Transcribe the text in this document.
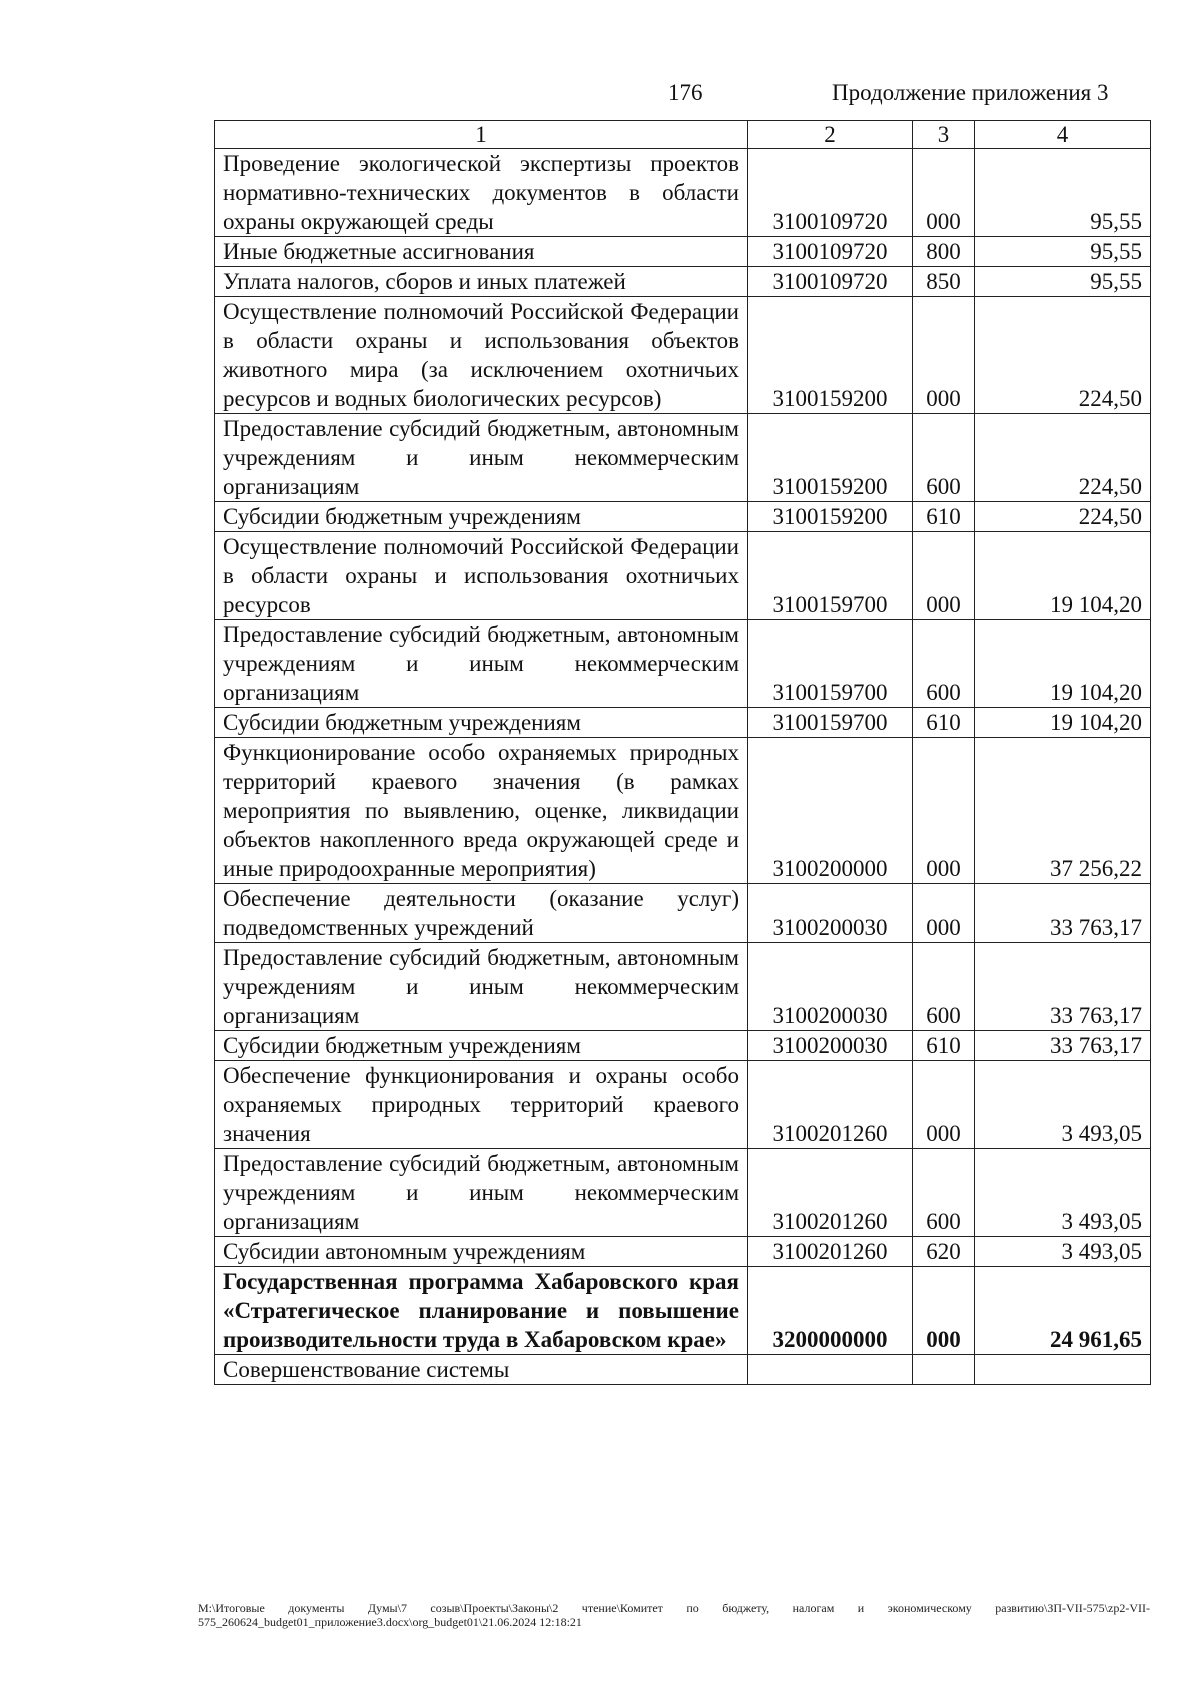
176	Продолжение приложения 3
1	2	3	4
Проведение экологической экспертизы проектов нормативно-технических документов в области охраны окружающей среды	3100109720	000	95,55
Иные бюджетные ассигнования	3100109720	800	95,55
Уплата налогов, сборов и иных платежей	3100109720	850	95,55
Осуществление полномочий Российской Федерации в области охраны и использования объектов животного мира (за исключением охотничьих ресурсов и водных биологических ресурсов)	3100159200	000	224,50
Предоставление субсидий бюджетным, автономным учреждениям и иным некоммерческим организациям	3100159200	600	224,50
Субсидии бюджетным учреждениям	3100159200	610	224,50
Осуществление полномочий Российской Федерации в области охраны и использования охотничьих ресурсов	3100159700	000	19 104,20
Предоставление субсидий бюджетным, автономным учреждениям и иным некоммерческим организациям	3100159700	600	19 104,20
Субсидии бюджетным учреждениям	3100159700	610	19 104,20
Функционирование особо охраняемых природных территорий краевого значения (в рамках мероприятия по выявлению, оценке, ликвидации объектов накопленного вреда окружающей среде и иные природоохранные мероприятия)	3100200000	000	37 256,22
Обеспечение деятельности (оказание услуг) подведомственных учреждений	3100200030	000	33 763,17
Предоставление субсидий бюджетным, автономным учреждениям и иным некоммерческим организациям	3100200030	600	33 763,17
Субсидии бюджетным учреждениям	3100200030	610	33 763,17
Обеспечение функционирования и охраны особо охраняемых природных территорий краевого значения	3100201260	000	3 493,05
Предоставление субсидий бюджетным, автономным учреждениям и иным некоммерческим организациям	3100201260	600	3 493,05
Субсидии автономным учреждениям	3100201260	620	3 493,05
Государственная программа Хабаровского края «Стратегическое планирование и повышение производительности труда в Хабаровском крае»	3200000000	000	24 961,65
Совершенствование системы			
M:\Итоговые документы Думы\7 созыв\Проекты\Законы\2 чтение\Комитет по бюджету, налогам и экономическому развитию\ЗП-VII-575\zp2-VII-575_260624_budget01_приложение3.docx\org_budget01\21.06.2024 12:18:21
